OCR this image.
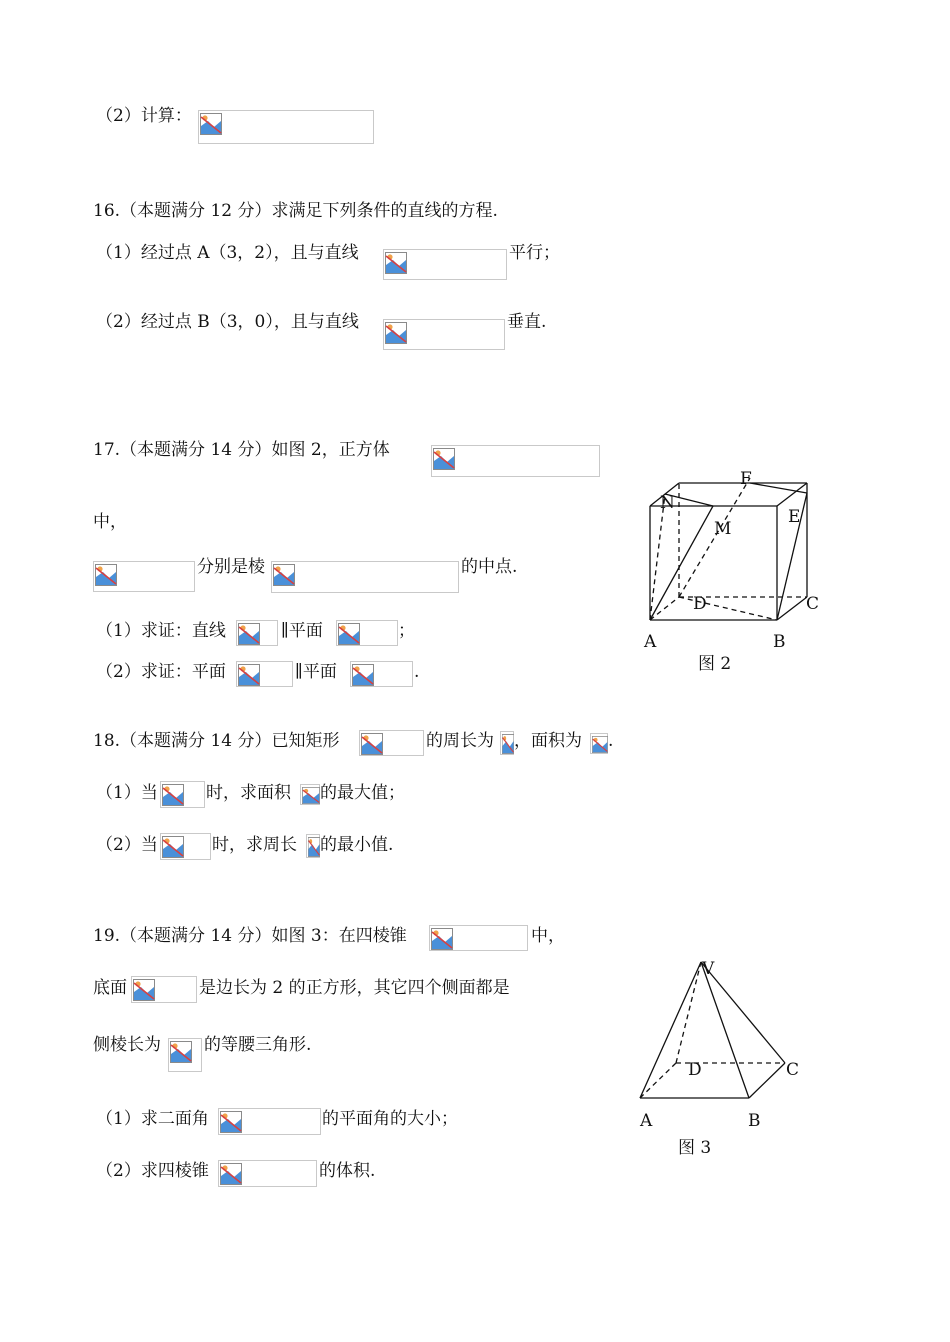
（2）计算：
16.（本题满分 12 分）求满足下列条件的直线的方程.
（1）经过点 A（3，2），且与直线	平行；
（2）经过点 B（3，0），且与直线	垂直.
17.（本题满分 14 分）如图 2，正方体
中，
分别是棱	的中点.
（1）求证：直线	∥平面	；
（2）求证：平面	∥平面	.
A	B
C
D
E
F
M
N
图 2
18.（本题满分 14 分）已知矩形	的周长为 ，面积为 .
（1）当	时，求面积 的最大值；
（2）当	时，求周长 的最小值.
19.（本题满分 14 分）如图 3：在四棱锥	中，
底面	是边长为 2 的正方形，其它四个侧面都是
侧棱长为	的等腰三角形.
（1）求二面角	的平面角的大小；
（2）求四棱锥	的体积.
V
D	C
A	B
图 3
